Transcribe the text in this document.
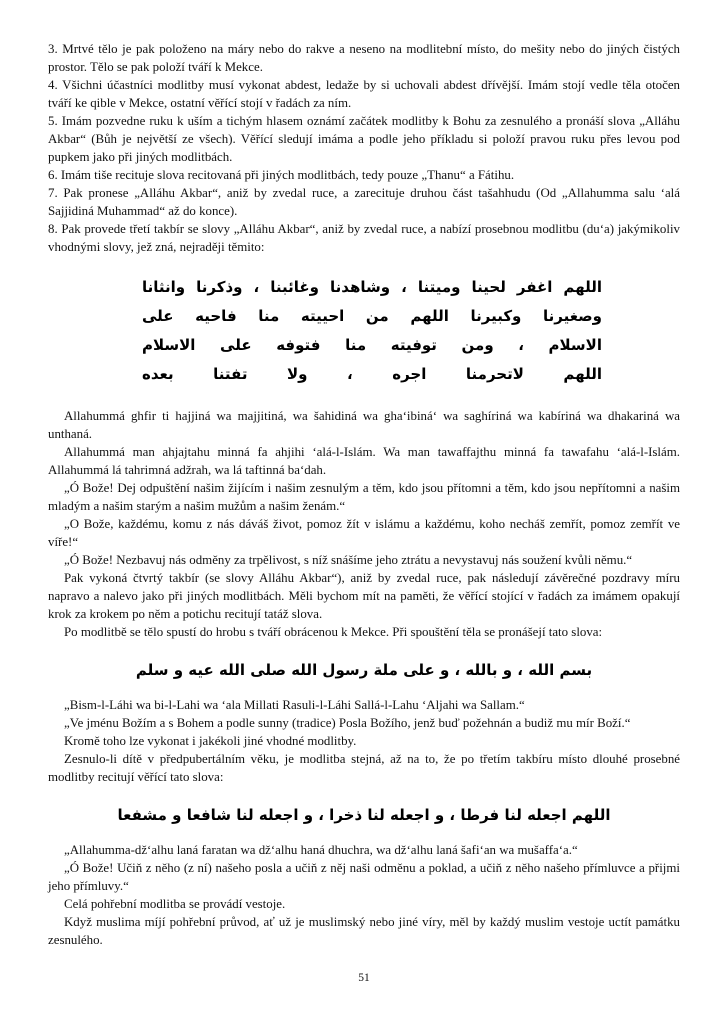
3. Mrtvé tělo je pak položeno na máry nebo do rakve a neseno na modlitební místo, do mešity nebo do jiných čistých prostor. Tělo se pak položí tváří k Mekce.

4. Všichni účastníci modlitby musí vykonat abdest, ledaže by si uchovali abdest dřívější. Imám stojí vedle těla otočen tváří ke qible v Mekce, ostatní věřící stojí v řadách za ním.

5. Imám pozvedne ruku k uším a tichým hlasem oznámí začátek modlitby k Bohu za zesnulého a pronáší slova „Alláhu Akbar“ (Bůh je největší ze všech). Věřící sledují imáma a podle jeho příkladu si položí pravou ruku přes levou pod pupkem jako při jiných modlitbách.

6. Imám tiše recituje slova recitovaná při jiných modlitbách, tedy pouze „Thanu“ a Fátihu.

7. Pak pronese „Alláhu Akbar“, aniž by zvedal ruce, a zarecituje druhou část tašahhudu (Od „Allahumma salu ‘alá Sajjidiná Muhammad“ až do konce).

8. Pak provede třetí takbír se slovy „Alláhu Akbar“, aniž by zvedal ruce, a nabízí prosebnou modlitbu (du‘a) jakýmikoliv vhodnými slovy, jež zná, nejraději těmito:

اللهم اغفر لحينا وميتنا ، وشاهدنا وغائبنا ، وذكرنا وانثانا
وصغيرنا وكبيرنا اللهم من احييته منا فاحيه على
الاسلام ، ومن توفيته منا فتوفه على الاسلام
اللهم لاتحرمنا اجره ، ولا تفتنا بعده

Allahummá ghfir ti hajjiná wa majjitiná, wa šahidiná wa gha‘ibiná‘ wa saghíriná wa kabíriná wa dhakariná wa unthaná.

Allahummá man ahjajtahu minná fa ahjihi ‘alá-l-Islám. Wa man tawaffajthu minná fa tawafahu ‘alá-l-Islám. Allahummá lá tahrimná adžrah, wa lá taftinná ba‘dah.

„Ó Bože! Dej odpuštění našim žijícím i našim zesnulým a těm, kdo jsou přítomni a těm, kdo jsou nepřítomni a našim mladým a našim starým a našim mužům a našim ženám.“

„O Bože, každému, komu z nás dáváš život, pomoz žít v islámu a každému, koho necháš zemřít, pomoz zemřít ve víře!“

„Ó Bože! Nezbavuj nás odměny za trpělivost, s níž snášíme jeho ztrátu a nevystavuj nás soužení kvůli němu.“

Pak vykoná čtvrtý takbír (se slovy Alláhu Akbar“), aniž by zvedal ruce, pak následují závěrečné pozdravy míru napravo a nalevo jako při jiných modlitbách. Měli bychom mít na paměti, že věřící stojící v řadách za imámem opakují krok za krokem po něm a potichu recitují tatáž slova.

Po modlitbě se tělo spustí do hrobu s tváří obrácenou k Mekce. Při spouštění těla se pronášejí tato slova:

بسم الله ، و بالله ، و على ملة رسول الله صلى الله عيه و سلم

„Bism-l-Láhi wa bi-l-Lahi wa ‘ala Millati Rasuli-l-Láhi Sallá-l-Lahu ‘Aljahi wa Sallam.“

„Ve jménu Božím a s Bohem a podle sunny (tradice) Posla Božího, jenž buď požehnán a budiž mu mír Boží.“

Kromě toho lze vykonat i jakékoli jiné vhodné modlitby.

Zesnulo-li dítě v předpubertálním věku, je modlitba stejná, až na to, že po třetím takbíru místo dlouhé prosebné modlitby recitují věřící tato slova:

اللهم اجعله لنا فرطا ، و اجعله لنا ذخرا ، و اجعله لنا شافعا و مشفعا

„Allahumma-dž‘alhu laná faratan wa dž‘alhu haná dhuchra, wa dž‘alhu laná šafi‘an wa mušaffa‘a.“

„Ó Bože! Učiň z něho (z ní) našeho posla a učiň z něj naši odměnu a poklad, a učiň z něho našeho přímluvce a přijmi jeho přímluvy.“

Celá pohřební modlitba se provádí vestoje.

Když muslima míjí pohřební průvod, ať už je muslimský nebo jiné víry, měl by každý muslim vestoje uctít památku zesnulého.

51
